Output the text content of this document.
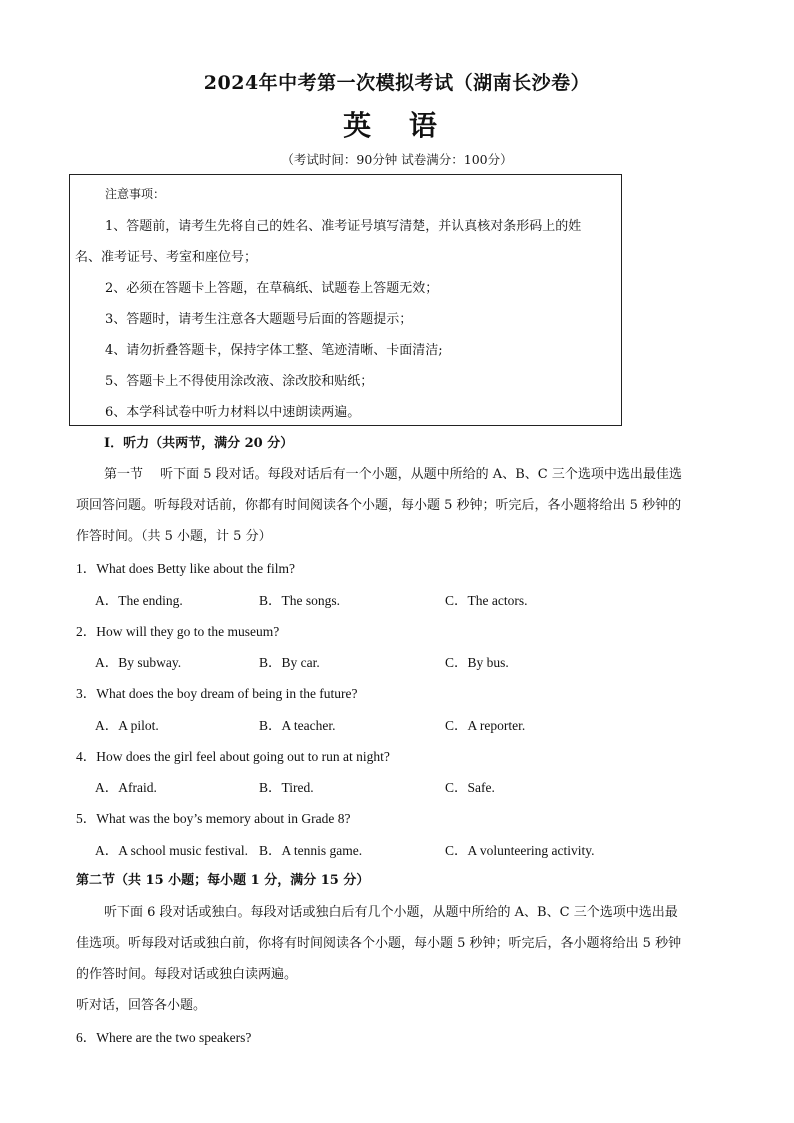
2024年中考第一次模拟考试（湖南长沙卷）
英 语
（考试时间：90分钟 试卷满分：100分）
注意事项：
1、答题前，请考生先将自己的姓名、准考证号填写清楚，并认真核对条形码上的姓
名、准考证号、考室和座位号；
2、必须在答题卡上答题，在草稿纸、试题卷上答题无效；
3、答题时，请考生注意各大题题号后面的答题提示；
4、请勿折叠答题卡，保持字体工整、笔迹清晰、卡面清洁;
5、答题卡上不得使用涂改液、涂改胶和贴纸；
6、本学科试卷中听力材料以中速朗读两遍。
I．听力（共两节，满分 20 分）
第一节　 听下面 5 段对话。每段对话后有一个小题，从题中所给的 A、B、C 三个选项中选出最佳选
项回答问题。听每段对话前，你都有时间阅读各个小题，每小题 5 秒钟；听完后，各小题将给出 5 秒钟的
作答时间。（共 5 小题，计 5 分）
1．What does Betty like about the film?
A．The ending.	B．The songs.	C．The actors.
2．How will they go to the museum?
A．By subway.	B．By car.	C．By bus.
3．What does the boy dream of being in the future?
A．A pilot.	B．A teacher.	C．A reporter.
4．How does the girl feel about going out to run at night?
A．Afraid.	B．Tired.	C．Safe.
5．What was the boy’s memory about in Grade 8?
A．A school music festival. B．A tennis game.	C．A volunteering activity.
第二节（共 15 小题；每小题 1 分，满分 15 分）
听下面 6 段对话或独白。每段对话或独白后有几个小题，从题中所给的 A、B、C 三个选项中选出最
佳选项。听每段对话或独白前，你将有时间阅读各个小题，每小题 5 秒钟；听完后，各小题将给出 5 秒钟
的作答时间。每段对话或独白读两遍。
听对话，回答各小题。
6．Where are the two speakers?
